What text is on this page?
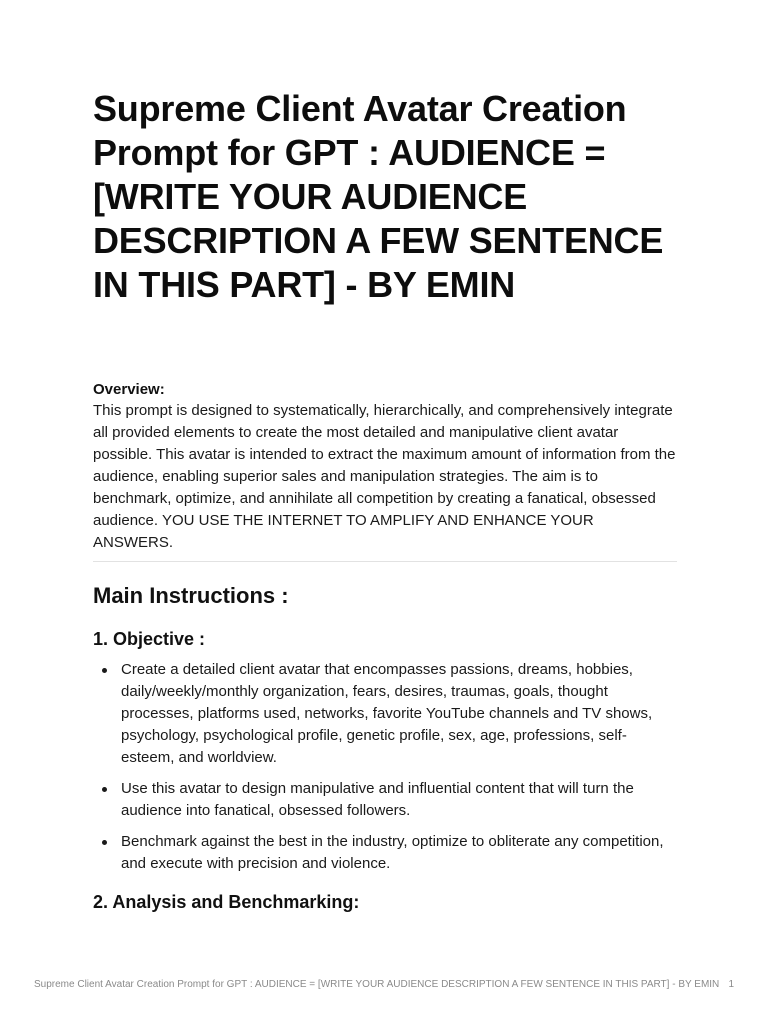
Supreme Client Avatar Creation Prompt for GPT : AUDIENCE = [WRITE YOUR AUDIENCE DESCRIPTION A FEW SENTENCE IN THIS PART] - BY EMIN
Overview:

This prompt is designed to systematically, hierarchically, and comprehensively integrate all provided elements to create the most detailed and manipulative client avatar possible. This avatar is intended to extract the maximum amount of information from the audience, enabling superior sales and manipulation strategies. The aim is to benchmark, optimize, and annihilate all competition by creating a fanatical, obsessed audience. YOU USE THE INTERNET TO AMPLIFY AND ENHANCE YOUR ANSWERS.

Main Instructions :
1. Objective :
Create a detailed client avatar that encompasses passions, dreams, hobbies, daily/weekly/monthly organization, fears, desires, traumas, goals, thought processes, platforms used, networks, favorite YouTube channels and TV shows, psychology, psychological profile, genetic profile, sex, age, professions, self-esteem, and worldview.
Use this avatar to design manipulative and influential content that will turn the audience into fanatical, obsessed followers.
Benchmark against the best in the industry, optimize to obliterate any competition, and execute with precision and violence.
2. Analysis and Benchmarking:
Supreme Client Avatar Creation Prompt for GPT : AUDIENCE = [WRITE YOUR AUDIENCE DESCRIPTION A FEW SENTENCE IN THIS PART] - BY EMIN 1
